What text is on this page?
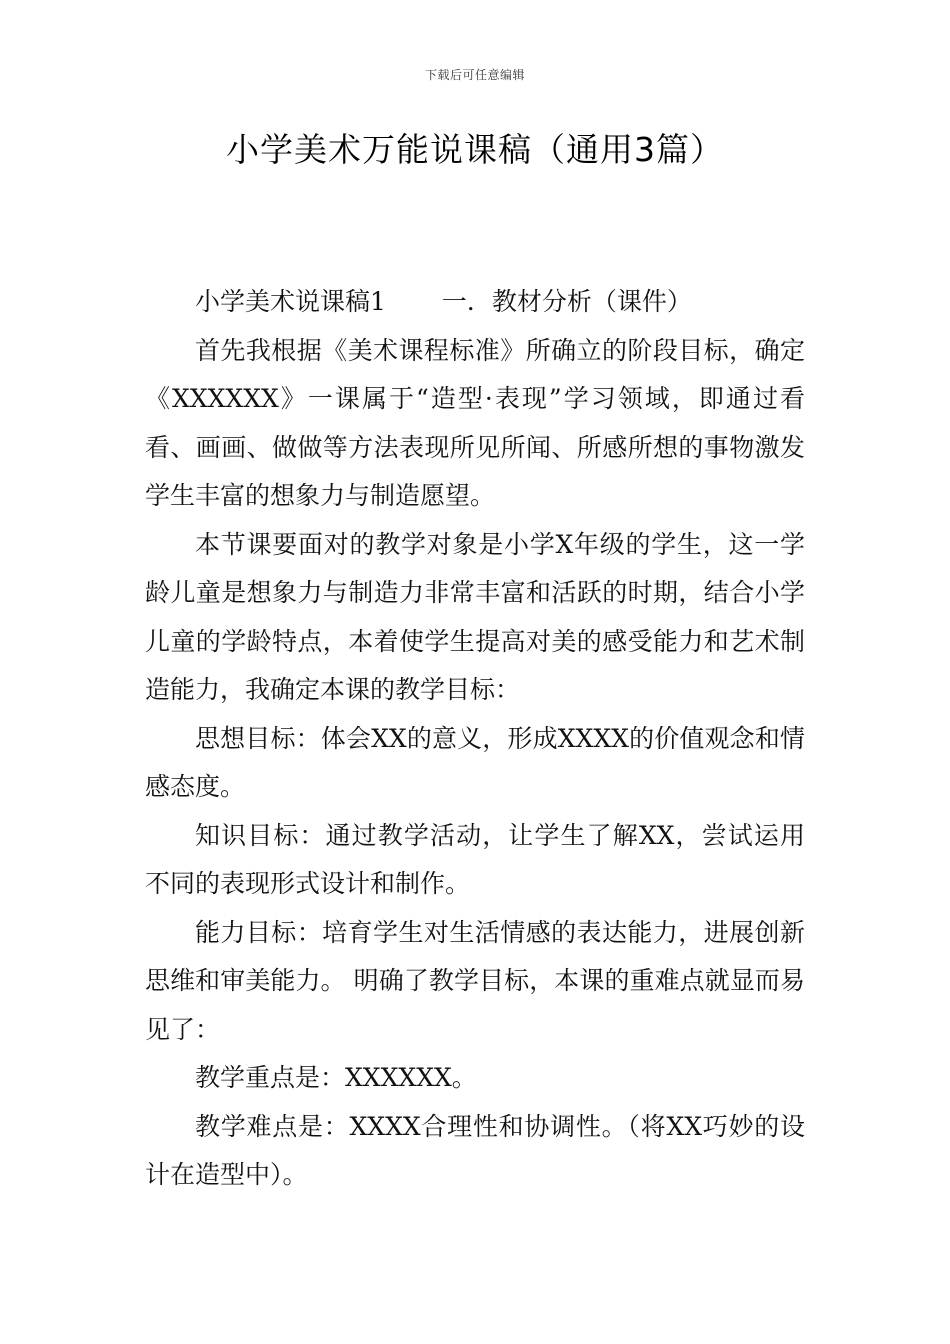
下载后可任意编辑
小学美术万能说课稿（通用3篇）

小学美术说课稿1 一．教材分析（课件）

首先我根据《美术课程标准》所确立的阶段目标，确定《XXXXXX》一课属于“造型·表现”学习领域，即通过看看、画画、做做等方法表现所见所闻、所感所想的事物激发学生丰富的想象力与制造愿望。

本节课要面对的教学对象是小学X年级的学生，这一学龄儿童是想象力与制造力非常丰富和活跃的时期，结合小学儿童的学龄特点，本着使学生提高对美的感受能力和艺术制造能力，我确定本课的教学目标：

思想目标：体会XX的意义，形成XXXX的价值观念和情感态度。

知识目标：通过教学活动，让学生了解XX，尝试运用不同的表现形式设计和制作。

能力目标：培育学生对生活情感的表达能力，进展创新思维和审美能力。 明确了教学目标，本课的重难点就显而易见了：

教学重点是：XXXXXX。

教学难点是：XXXX合理性和协调性。（将XX巧妙的设计在造型中）。
